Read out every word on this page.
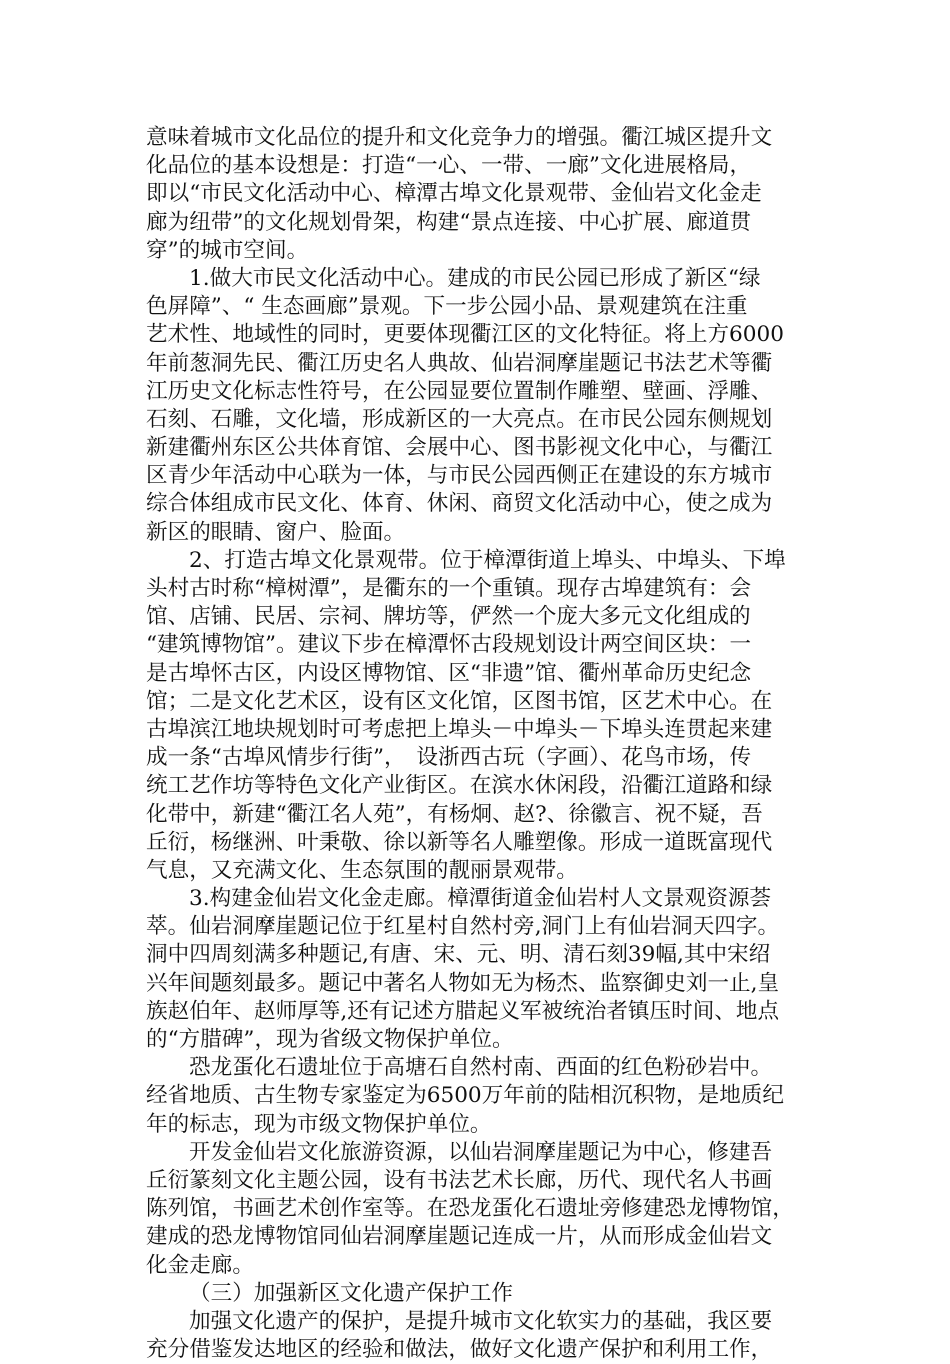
意味着城市文化品位的提升和文化竞争力的增强。衢江城区提升文
化品位的基本设想是：打造“一心、一带、一廊”文化进展格局，
即以“市民文化活动中心、樟潭古埠文化景观带、金仙岩文化金走
廊为纽带”的文化规划骨架，构建“景点连接、中心扩展、廊道贯
穿”的城市空间。
1.做大市民文化活动中心。建成的市民公园已形成了新区“绿
色屏障”、“ 生态画廊”景观。下一步公园小品、景观建筑在注重
艺术性、地域性的同时，更要体现衢江区的文化特征。将上方6000
年前葱洞先民、衢江历史名人典故、仙岩洞摩崖题记书法艺术等衢
江历史文化标志性符号，在公园显要位置制作雕塑、壁画、浮雕、
石刻、石雕，文化墙，形成新区的一大亮点。在市民公园东侧规划
新建衢州东区公共体育馆、会展中心、图书影视文化中心，与衢江
区青少年活动中心联为一体，与市民公园西侧正在建设的东方城市
综合体组成市民文化、体育、休闲、商贸文化活动中心，使之成为
新区的眼睛、窗户、脸面。
2、打造古埠文化景观带。位于樟潭街道上埠头、中埠头、下埠
头村古时称“樟树潭”，是衢东的一个重镇。现存古埠建筑有：会
馆、店铺、民居、宗祠、牌坊等，俨然一个庞大多元文化组成的
“建筑博物馆”。建议下步在樟潭怀古段规划设计两空间区块：一
是古埠怀古区，内设区博物馆、区“非遗”馆、衢州革命历史纪念
馆；二是文化艺术区，设有区文化馆，区图书馆，区艺术中心。在
古埠滨江地块规划时可考虑把上埠头－中埠头－下埠头连贯起来建
成一条“古埠风情步行街”，　设浙西古玩（字画）、花鸟市场，传
统工艺作坊等特色文化产业街区。在滨水休闲段，沿衢江道路和绿
化带中，新建“衢江名人苑”，有杨炯、赵?、徐徽言、祝不疑，吾
丘衍，杨继洲、叶秉敬、徐以新等名人雕塑像。形成一道既富现代
气息，又充满文化、生态氛围的靓丽景观带。
3.构建金仙岩文化金走廊。樟潭街道金仙岩村人文景观资源荟
萃。仙岩洞摩崖题记位于红星村自然村旁,洞门上有仙岩洞天四字。
洞中四周刻满多种题记,有唐、宋、元、明、清石刻39幅,其中宋绍
兴年间题刻最多。题记中著名人物如无为杨杰、监察御史刘一止,皇
族赵伯年、赵师厚等,还有记述方腊起义军被统治者镇压时间、地点
的“方腊碑”，现为省级文物保护单位。
恐龙蛋化石遗址位于高塘石自然村南、西面的红色粉砂岩中。
经省地质、古生物专家鉴定为6500万年前的陆相沉积物，是地质纪
年的标志，现为市级文物保护单位。
开发金仙岩文化旅游资源，以仙岩洞摩崖题记为中心，修建吾
丘衍篆刻文化主题公园，设有书法艺术长廊，历代、现代名人书画
陈列馆，书画艺术创作室等。在恐龙蛋化石遗址旁修建恐龙博物馆，
建成的恐龙博物馆同仙岩洞摩崖题记连成一片，从而形成金仙岩文
化金走廊。
（三）加强新区文化遗产保护工作
加强文化遗产的保护，是提升城市文化软实力的基础，我区要
充分借鉴发达地区的经验和做法，做好文化遗产保护和利用工作，
